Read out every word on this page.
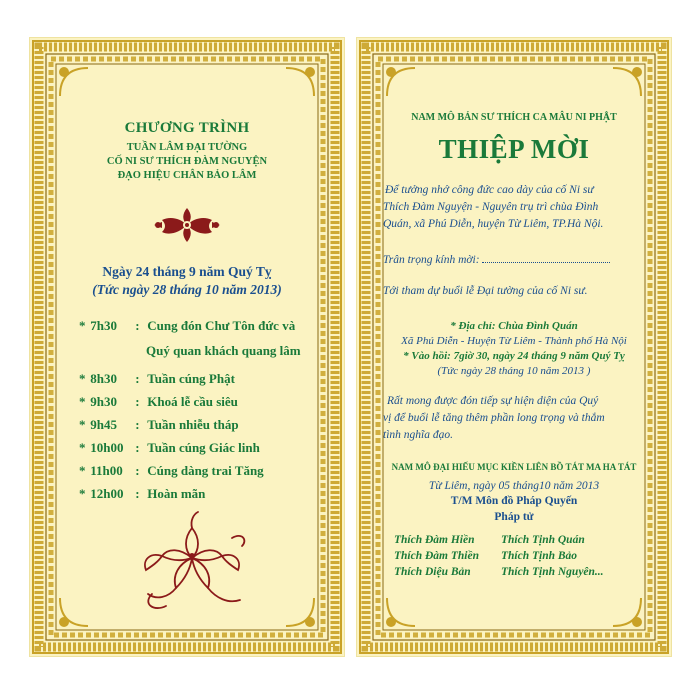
CHƯƠNG TRÌNH
TUẦN LÂM ĐẠI TƯỜNG
CỐ NI SƯ THÍCH ĐÀM NGUYỆN
ĐẠO HIỆU CHÂN BẢO LÂM
Ngày 24 tháng 9 năm Quý Tỵ
(Tức ngày 28 tháng 10 năm 2013)
* 7h30 : Cung đón Chư Tôn đức và
Quý quan khách quang lâm
* 8h30 : Tuần cúng Phật
* 9h30 : Khoá lễ cầu siêu
* 9h45 : Tuần nhiễu tháp
* 10h00 : Tuần cúng Giác linh
* 11h00 : Cúng dàng trai Tăng
* 12h00 : Hoàn mãn
NAM MÔ BẢN SƯ THÍCH CA MÂU NI PHẬT
THIỆP MỜI
Để tưởng nhớ công đức cao dày của cố Ni sư
Thích Đàm Nguyện - Nguyên trụ trì chùa Đình
Quán, xã Phú Diễn, huyện Từ Liêm, TP.Hà Nội.
Trân trọng kính mời:
Tới tham dự buổi lễ Đại tường của cố Ni sư.
* Địa chỉ: Chùa Đình Quán
Xã Phú Diễn - Huyện Từ Liêm - Thành phố Hà Nội
* Vào hồi: 7giờ 30, ngày 24 tháng 9 năm Quý Tỵ
(Tức ngày 28 tháng 10 năm 2013 )
Rất mong được đón tiếp sự hiện diện của Quý
vị để buổi lễ tăng thêm phần long trọng và thắm
tình nghĩa đạo.
NAM MÔ ĐẠI HIẾU MỤC KIỀN LIÊN BỒ TÁT MA HA TÁT
Từ Liêm, ngày 05 tháng10 năm 2013
T/M Môn đồ Pháp Quyến
Pháp tử
Thích Đàm Hiền
Thích Đàm Thiền
Thích Diệu Bản
Thích Tịnh Quán
Thích Tịnh Bảo
Thích Tịnh Nguyên...
